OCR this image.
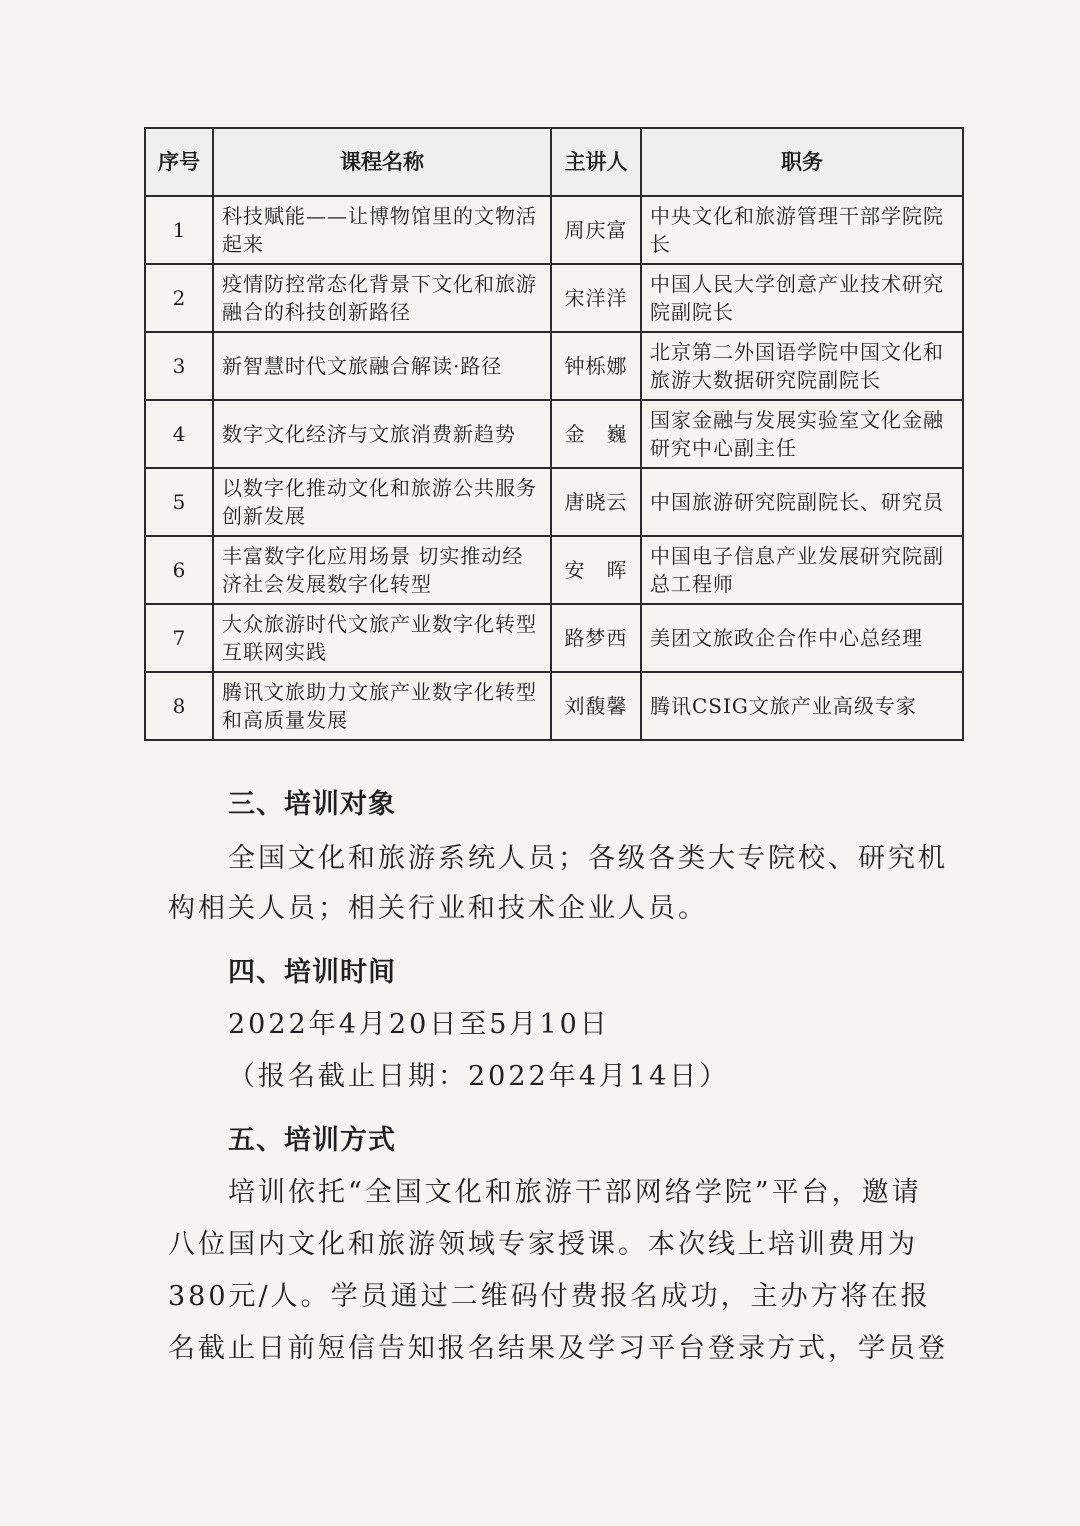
序号	课程名称	主讲人	职务
1	科技赋能——让博物馆里的文物活起来	周庆富	中央文化和旅游管理干部学院院长
2	疫情防控常态化背景下文化和旅游融合的科技创新路径	宋洋洋	中国人民大学创意产业技术研究院副院长
3	新智慧时代文旅融合解读·路径	钟栎娜	北京第二外国语学院中国文化和旅游大数据研究院副院长
4	数字文化经济与文旅消费新趋势	金　巍	国家金融与发展实验室文化金融研究中心副主任
5	以数字化推动文化和旅游公共服务创新发展	唐晓云	中国旅游研究院副院长、研究员
6	丰富数字化应用场景 切实推动经济社会发展数字化转型	安　晖	中国电子信息产业发展研究院副总工程师
7	大众旅游时代文旅产业数字化转型互联网实践	路梦西	美团文旅政企合作中心总经理
8	腾讯文旅助力文旅产业数字化转型和高质量发展	刘馥馨	腾讯CSIG文旅产业高级专家
三、培训对象

全国文化和旅游系统人员；各级各类大专院校、研究机

构相关人员；相关行业和技术企业人员。

四、培训时间

2022年4月20日至5月10日

（报名截止日期：2022年4月14日）

五、培训方式

培训依托“全国文化和旅游干部网络学院”平台，邀请

八位国内文化和旅游领域专家授课。本次线上培训费用为

380元/人。学员通过二维码付费报名成功，主办方将在报

名截止日前短信告知报名结果及学习平台登录方式，学员登
